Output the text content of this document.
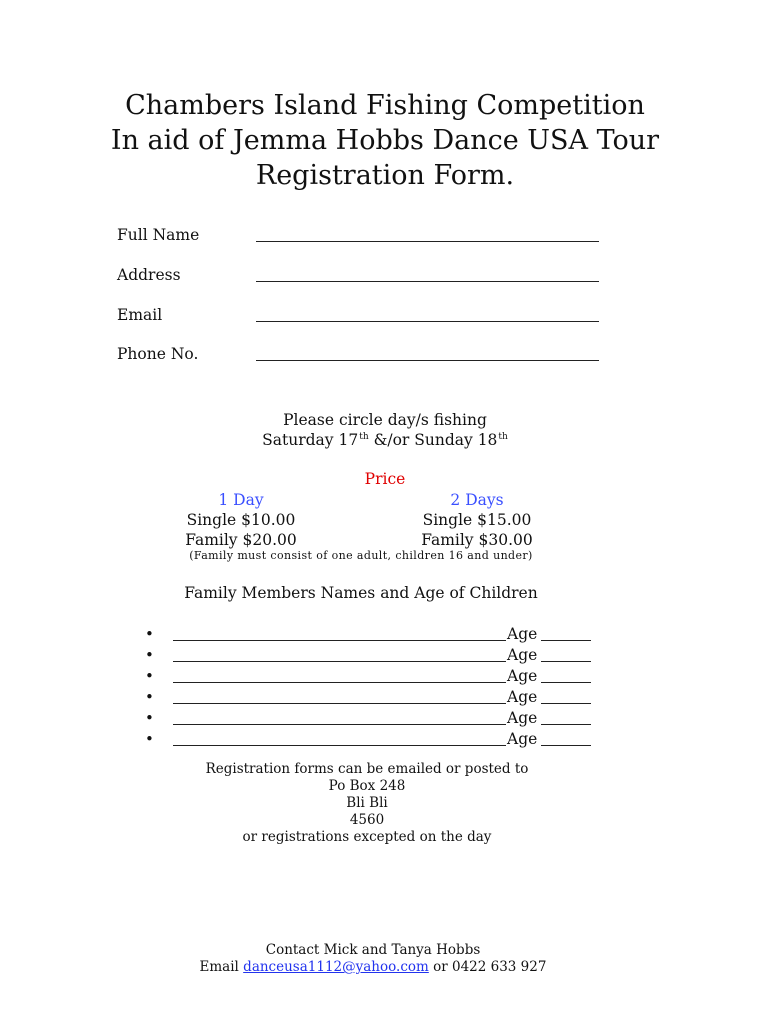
Chambers Island Fishing Competition
In aid of Jemma Hobbs Dance USA Tour
Registration Form.
Full Name
Address
Email
Phone No.
Please circle day/s fishing
Saturday 17th &/or Sunday 18th
Price
1 Day
Single $10.00
Family $20.00
2 Days
Single $15.00
Family $30.00
(Family must consist of one adult, children 16 and under)
Family Members Names and Age of Children
•	Age
•	Age
•	Age
•	Age
•	Age
•	Age
Registration forms can be emailed or posted to
Po Box 248
Bli Bli
4560
or registrations excepted on the day
Contact Mick and Tanya Hobbs
Email danceusa1112@yahoo.com or 0422 633 927
